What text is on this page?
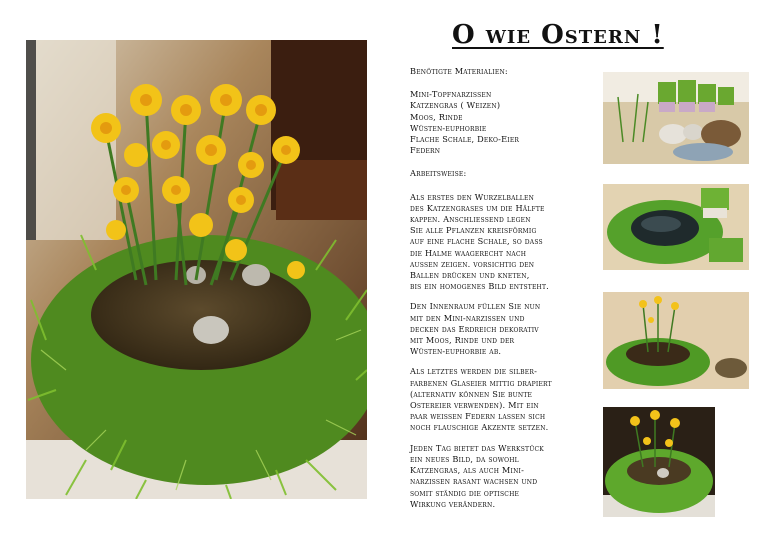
O wie Ostern !

Benötigte Materialien:

Mini-Topfnarzissen
Katzengras ( Weizen)
Moos, Rinde
Wüsten-euphorbie
Flache Schale, Deko-Eier
Federn

Arbeitsweise:

Als erstes den Wurzelballen
des Katzengrases um die Hälfte
kappen. Anschliessend legen
Sie alle Pflanzen kreisförmig
auf eine flache Schale, so dass
die Halme waagerecht nach
aussen zeigen. vorsichtig den
Ballen drücken und kneten,
bis ein homogenes Bild entsteht.

Den Innenraum füllen Sie nun
mit den Mini-narzissen und
decken das Erdreich dekorativ
mit Moos, Rinde und der
Wüsten-euphorbie ab.

Als letztes werden die silber-
farbenen Glaseier mittig drapiert
(alternativ können Sie bunte
Ostereier verwenden). Mit ein
paar weissen Federn lassen sich
noch flauschige Akzente setzen.

Jeden Tag bietet das Werkstück
ein neues Bild, da sowohl
Katzengras, als auch Mini-
narzissen rasant wachsen und
somit ständig die optische
Wirkung verändern.
